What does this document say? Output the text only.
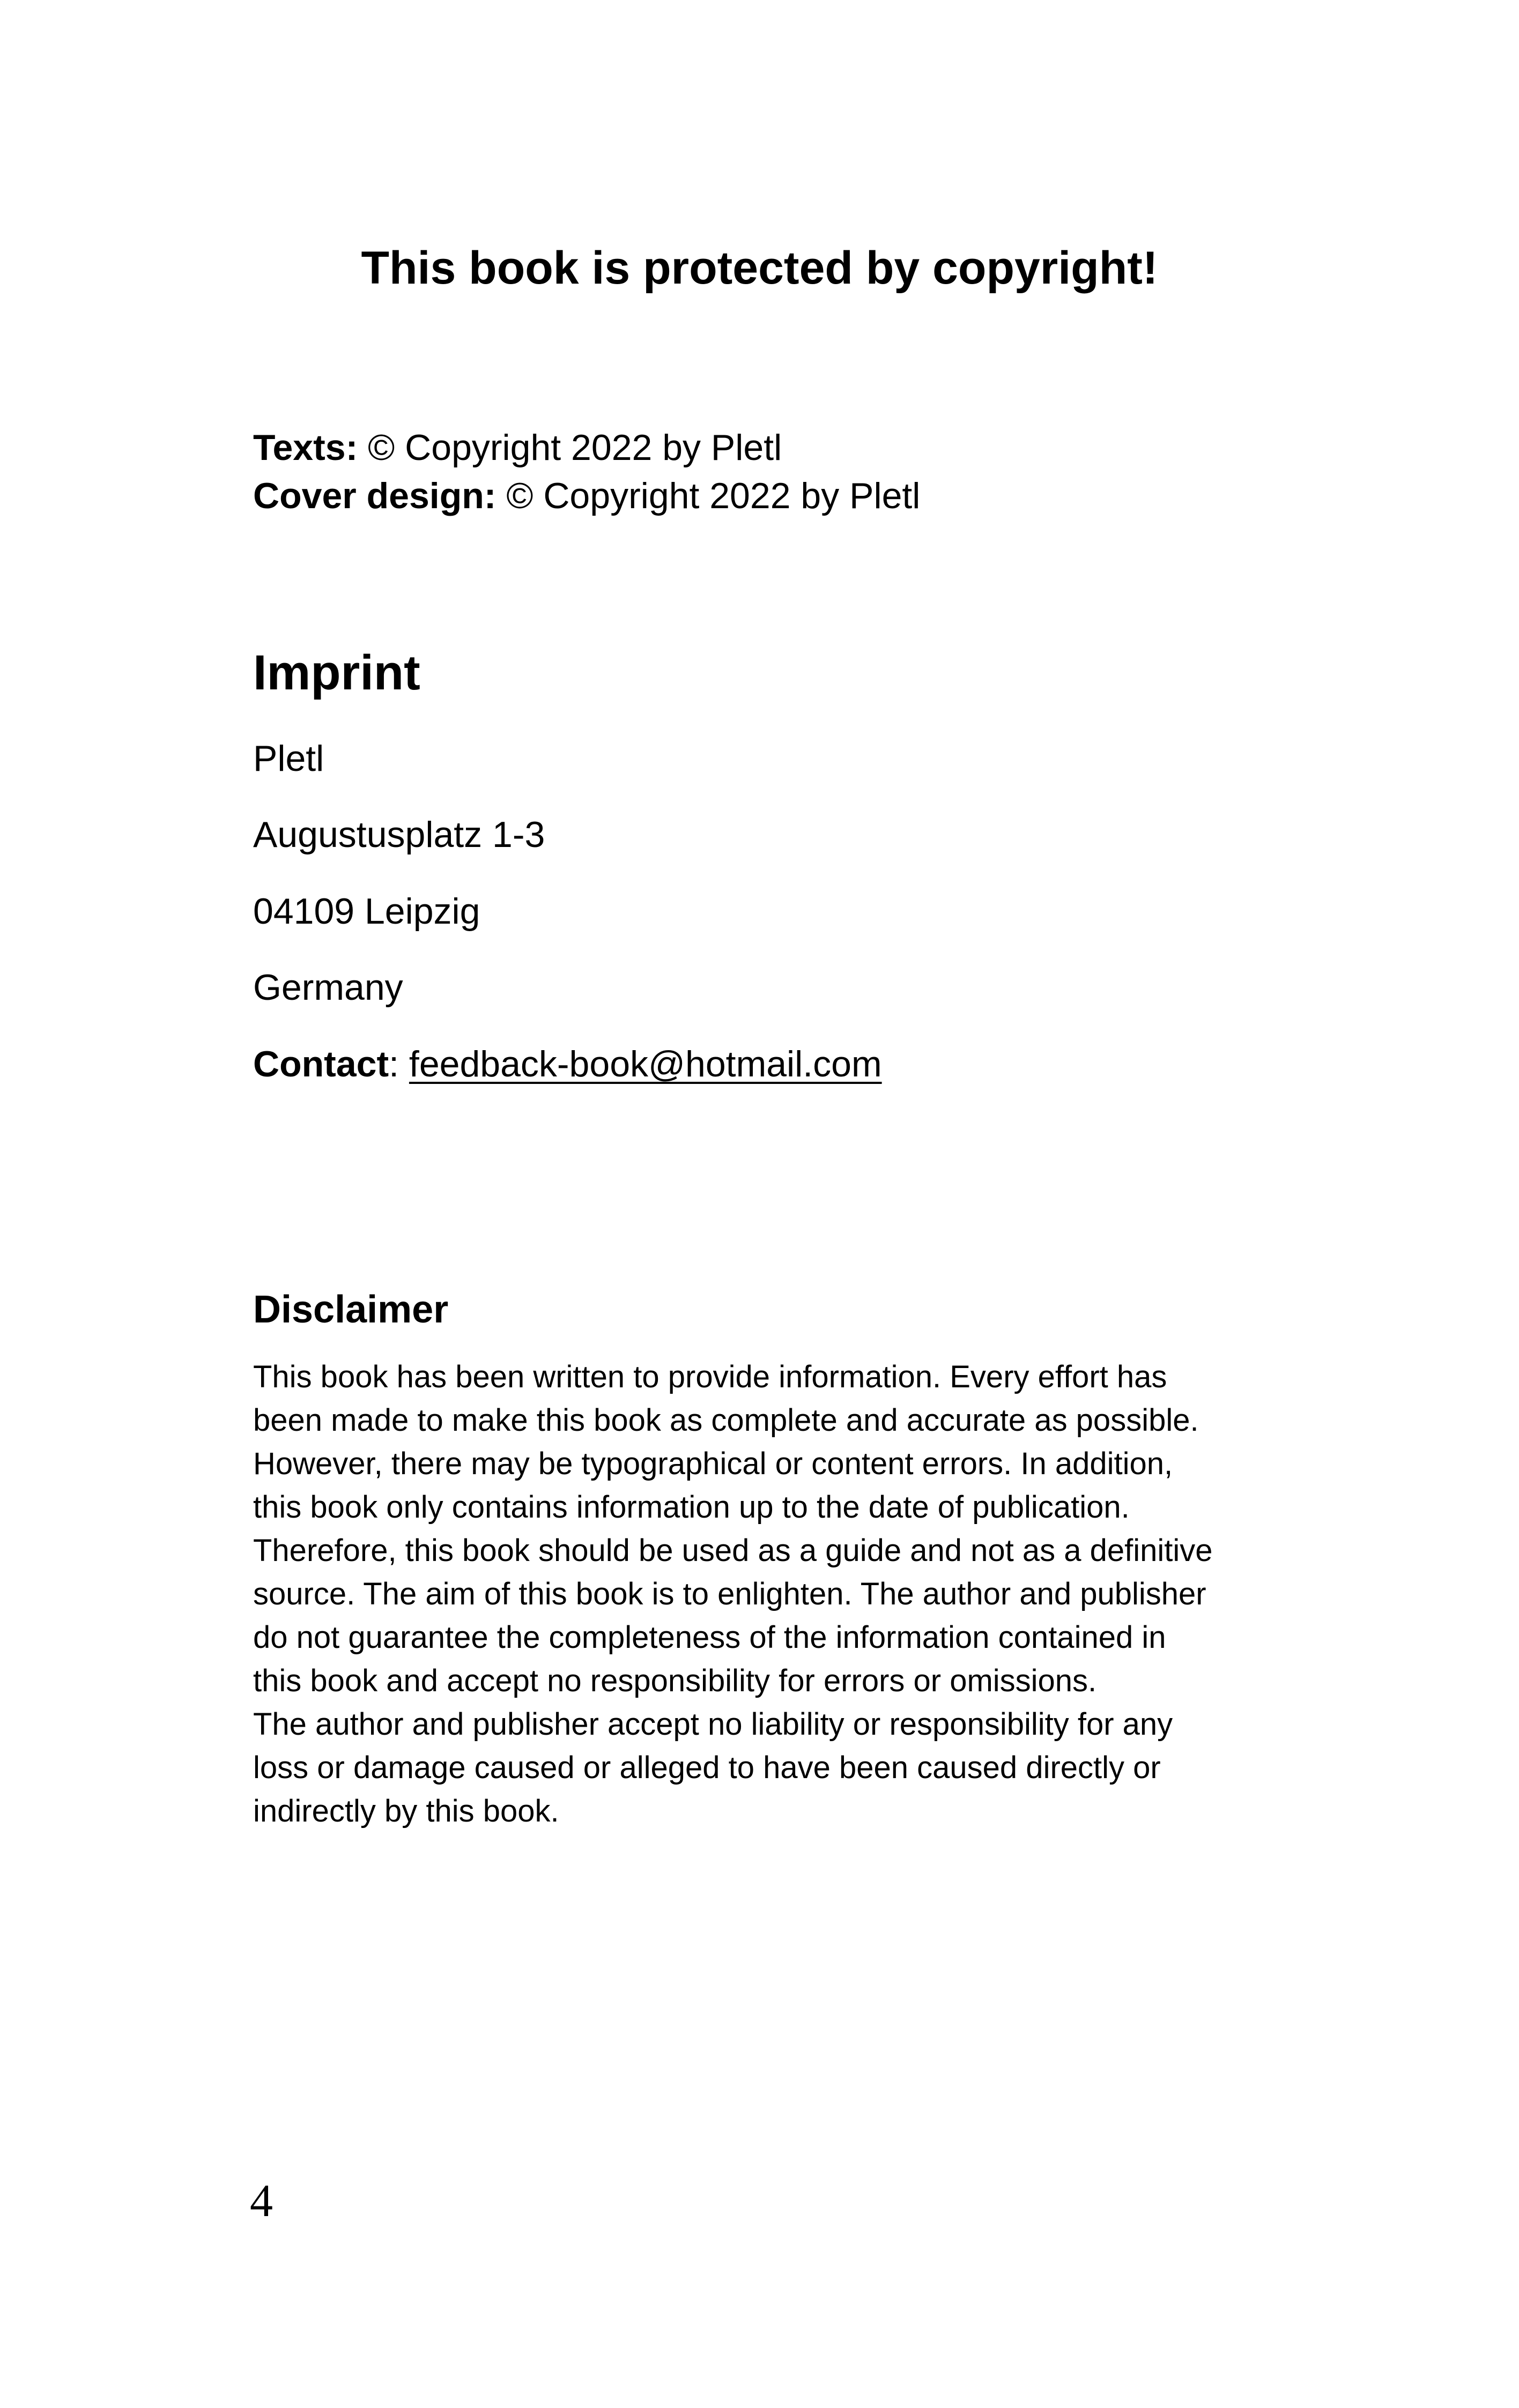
This book is protected by copyright!
Texts: © Copyright 2022 by Pletl
Cover design: © Copyright 2022 by Pletl
Imprint
Pletl
Augustusplatz 1-3
04109 Leipzig
Germany
Contact: feedback-book@hotmail.com
Disclaimer
This book has been written to provide information. Every effort has
been made to make this book as complete and accurate as possible.
However, there may be typographical or content errors. In addition,
this book only contains information up to the date of publication.
Therefore, this book should be used as a guide and not as a definitive
source. The aim of this book is to enlighten. The author and publisher
do not guarantee the completeness of the information contained in
this book and accept no responsibility for errors or omissions.
The author and publisher accept no liability or responsibility for any
loss or damage caused or alleged to have been caused directly or
indirectly by this book.
4
